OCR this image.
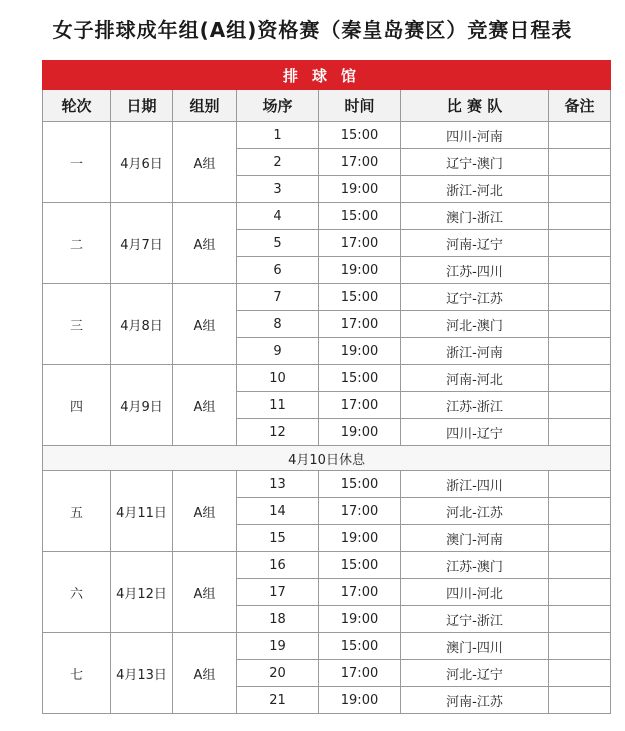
女子排球成年组(A组)资格赛（秦皇岛赛区）竞赛日程表
排球馆						
轮次	日期	组别	场序	时间	比 赛 队	备注
一	4月6日	A组	1	15:00	四川-河南	
			2	17:00	辽宁-澳门	
			3	19:00	浙江-河北	
二	4月7日	A组	4	15:00	澳门-浙江	
			5	17:00	河南-辽宁	
			6	19:00	江苏-四川	
三	4月8日	A组	7	15:00	辽宁-江苏	
			8	17:00	河北-澳门	
			9	19:00	浙江-河南	
四	4月9日	A组	10	15:00	河南-河北	
			11	17:00	江苏-浙江	
			12	19:00	四川-辽宁	
4月10日休息						
五	4月11日	A组	13	15:00	浙江-四川	
			14	17:00	河北-江苏	
			15	19:00	澳门-河南	
六	4月12日	A组	16	15:00	江苏-澳门	
			17	17:00	四川-河北	
			18	19:00	辽宁-浙江	
七	4月13日	A组	19	15:00	澳门-四川	
			20	17:00	河北-辽宁	
			21	19:00	河南-江苏	
